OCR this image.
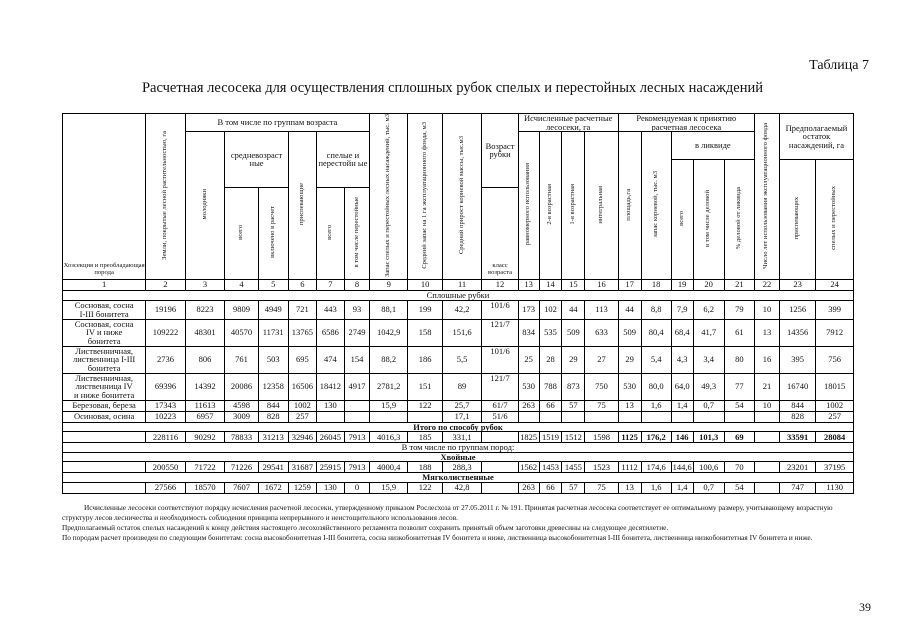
Таблица 7
Расчетная лесосека для осуществления сплошных рубок спелых и перестойных лесных насаждений
Хозсекция и преобладающая порода	Земли, покрытые лесной растительностью, га	В том числе по группам возраста						Запас спелых и перестойных лесных насаждений, тыс. м3	Средний запас на 1 га эксплуатационного фонда, м3	Средний прирост корневой массы, тыс.м3	Возраст рубки	Исчисленные расчетные лесосеки, га				Рекомендуемая к принятию расчетная лесосека					Число лет использования эксплуатационного фонда	Предполагаемый остаток насаждений, га	
		молодняки	средневозраст ные		приспевающие	спелые и перестойн ые						равномерного использования	2-я возрастная	1-я возрастная	интегральная	площадь,га	запас корневой, тыс. м3	в ликвиде					
																		всего	в том числе деловой	% деловой от ликвида		приспевающих	спелых и перестойных
			всего	включено в расчет		всего	в том числе перестойные				класс возраста												

1	2	3	4	5	6	7	8	9	10	11	12	13	14	15	16	17	18	19	20	21	22	23	24
Сплошные рубки																							

Сосновая, сосна
I-III бонитета	19196	8223	9809	4949	721	443	93	88,1	199	42,2	101/6	173	102	44	113	44	8,8	7,9	6,2	79	10	1256	399

Сосновая, сосна
IV и ниже
бонитета	109222	48301	40570	11731	13765	6586	2749	1042,9	158	151,6	121/7	834	535	509	633	509	80,4	68,4	41,7	61	13	14356	7912

Лиственничная,
лиственница I-III
бонитета	2736	806	761	503	695	474	154	88,2	186	5,5	101/6	25	28	29	27	29	5,4	4,3	3,4	80	16	395	756

Лиственничная,
лиственница IV
и ниже бонитета	69396	14392	20086	12358	16506	18412	4917	2781,2	151	89	121/7	530	788	873	750	530	80,0	64,0	49,3	77	21	16740	18015

Березовая, береза	17343	11613	4598	844	1002	130		15,9	122	25,7	61/7	263	66	57	75	13	1,6	1,4	0,7	54	10	844	1002

Осиновая, осина	10223	6957	3009	828	257					17,1	51/6											828	257
Итого по способу рубок																							
	228116	90292	78833	31213	32946	26045	7913	4016,3	185	331,1		1825	1519	1512	1598	1125	176,2	146	101,3	69		33591	28084
В том числе по группам пород:																							
Хвойные																							
	200550	71722	71226	29541	31687	25915	7913	4000,4	188	288,3		1562	1453	1455	1523	1112	174,6	144,6	100,6	70		23201	37195
Мягколиственные																							
	27566	18570	7607	1672	1259	130	0	15,9	122	42,8		263	66	57	75	13	1,6	1,4	0,7	54		747	1130

Исчисленные лесосеки соответствуют порядку исчисления расчетной лесосеки, утвержденному приказом Рослесхоза от 27.05.2011 г. № 191. Принятая расчетная лесосека соответствует ее оптимальному размеру, учитывающему возрастную структуру лесов лесничества и необходимость соблюдения принципа непрерывного и неистощительного использования лесов.

Предполагаемый остаток спелых насаждений к концу действия настоящего лесохозяйственного регламента позволит сохранить принятый объем заготовки древесины на следующее десятилетие.

По породам расчет произведен по следующим бонитетам: сосна высокобонитетная I-III бонитета, сосна низкобонитетная IV бонитета и ниже, лиственница высокобонитетная I-III бонитета, лиственница низкобонитетная IV бонитета и ниже.

39
